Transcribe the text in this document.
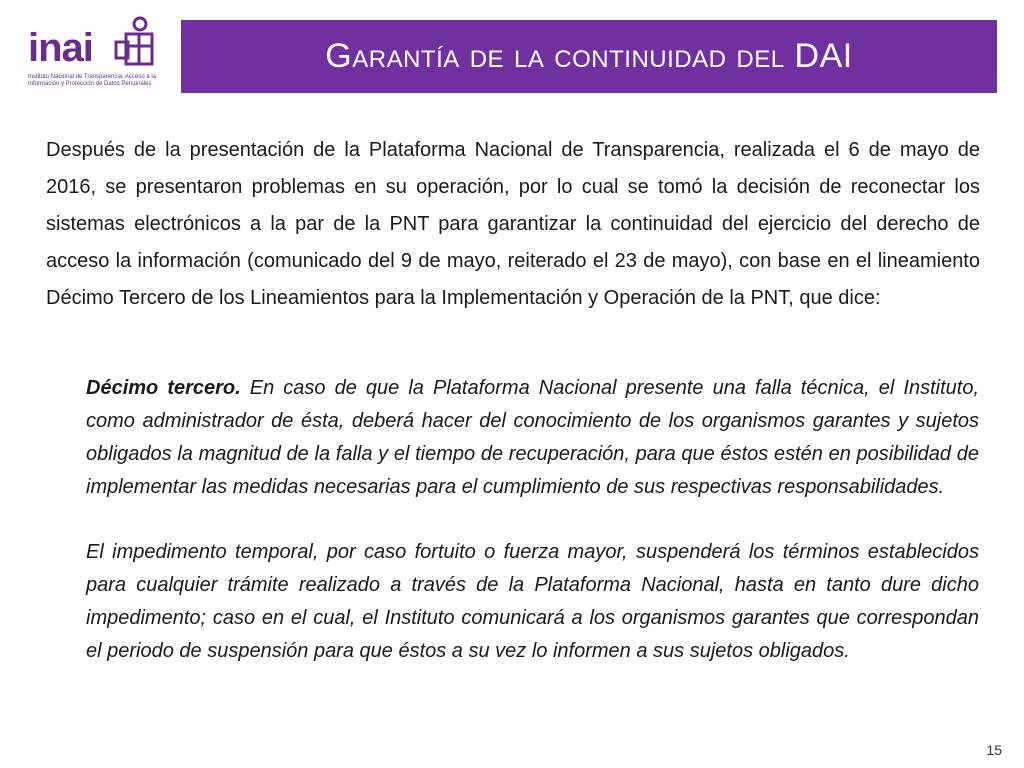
inai
Instituto Nacional de Transparencia, Acceso a la Información y Protección de Datos Personales
Garantía de la continuidad del DAI
Después de la presentación de la Plataforma Nacional de Transparencia, realizada el 6 de mayo de 2016, se presentaron problemas en su operación, por lo cual se tomó la decisión de reconectar los sistemas electrónicos a la par de la PNT para garantizar la continuidad del ejercicio del derecho de acceso la información (comunicado del 9 de mayo, reiterado el 23 de mayo), con base en el lineamiento Décimo Tercero de los Lineamientos para la Implementación y Operación de la PNT, que dice:

Décimo tercero. En caso de que la Plataforma Nacional presente una falla técnica, el Instituto, como administrador de ésta, deberá hacer del conocimiento de los organismos garantes y sujetos obligados la magnitud de la falla y el tiempo de recuperación, para que éstos estén en posibilidad de implementar las medidas necesarias para el cumplimiento de sus respectivas responsabilidades.

El impedimento temporal, por caso fortuito o fuerza mayor, suspenderá los términos establecidos para cualquier trámite realizado a través de la Plataforma Nacional, hasta en tanto dure dicho impedimento; caso en el cual, el Instituto comunicará a los organismos garantes que correspondan el periodo de suspensión para que éstos a su vez lo informen a sus sujetos obligados.

15
